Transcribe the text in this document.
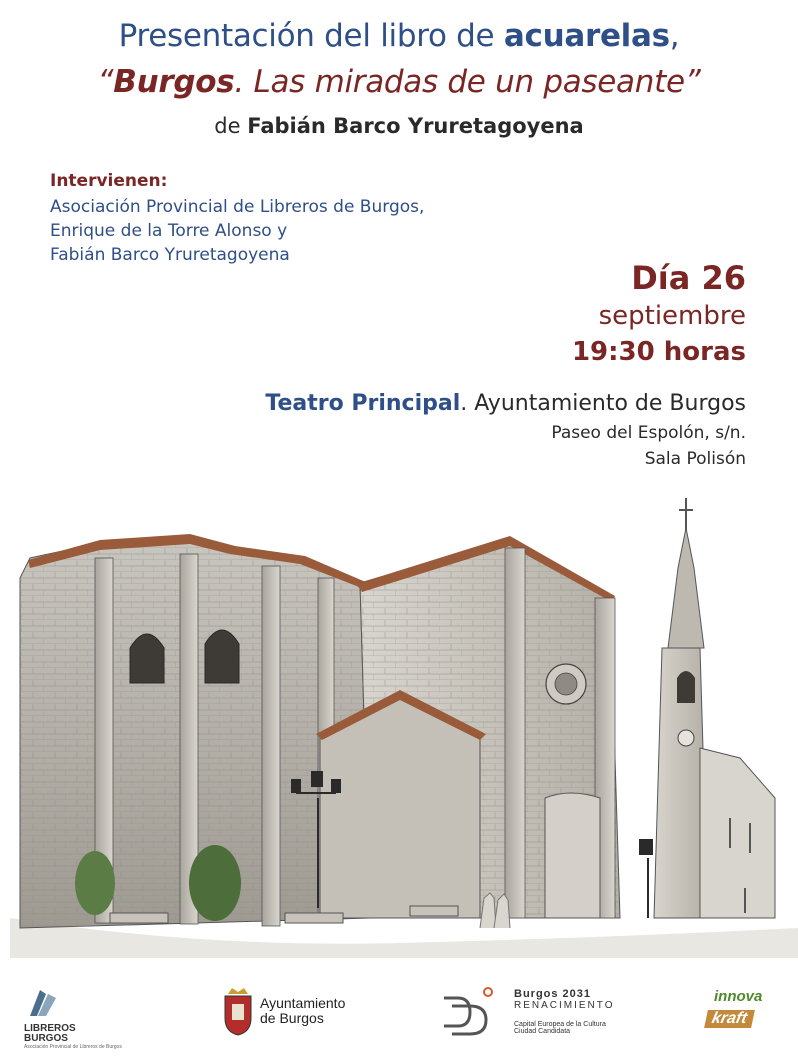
Presentación del libro de acuarelas,
“Burgos. Las miradas de un paseante”
de Fabián Barco Yruretagoyena
Intervienen:
Asociación Provincial de Libreros de Burgos,
Enrique de la Torre Alonso y
Fabián Barco Yruretagoyena
Día 26
septiembre
19:30 horas
Teatro Principal. Ayuntamiento de Burgos
Paseo del Espolón, s/n.
Sala Polisón
LIBREROS
BURGOS
Asociación Provincial de Libreros de Burgos
Ayuntamiento
de Burgos
Burgos 2031
RENACIMIENTO
Capital Europea de la Cultura
Ciudad Candidata
innova
kraft
